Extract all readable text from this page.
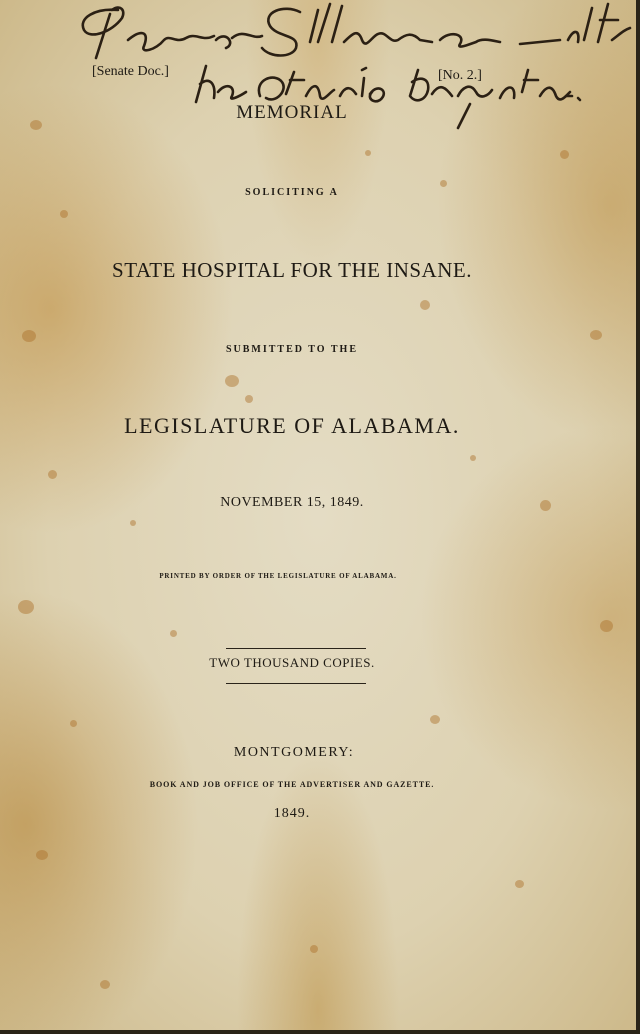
[Senate Doc.]	[No. 2.]
MEMORIAL
SOLICITING A
STATE HOSPITAL FOR THE INSANE.
SUBMITTED TO THE
LEGISLATURE OF ALABAMA.
NOVEMBER 15, 1849.
PRINTED BY ORDER OF THE LEGISLATURE OF ALABAMA.
TWO THOUSAND COPIES.
MONTGOMERY:
BOOK AND JOB OFFICE OF THE ADVERTISER AND GAZETTE.
1849.
